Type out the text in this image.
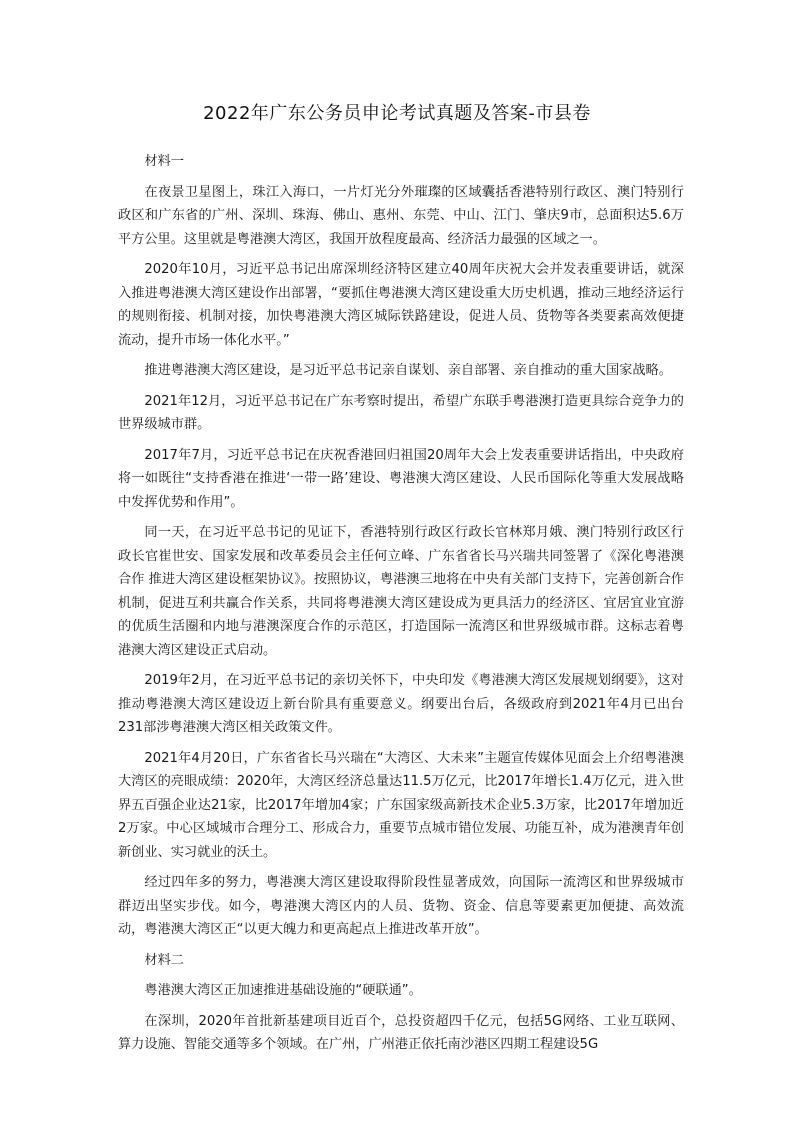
2022年广东公务员申论考试真题及答案-市县卷

材料一

在夜景卫星图上，珠江入海口，一片灯光分外璀璨的区域囊括香港特别行政区、澳门特别行政区和广东省的广州、深圳、珠海、佛山、惠州、东莞、中山、江门、肇庆9市，总面积达5.6万平方公里。这里就是粤港澳大湾区，我国开放程度最高、经济活力最强的区域之一。

2020年10月，习近平总书记出席深圳经济特区建立40周年庆祝大会并发表重要讲话，就深入推进粤港澳大湾区建设作出部署，“要抓住粤港澳大湾区建设重大历史机遇，推动三地经济运行的规则衔接、机制对接，加快粤港澳大湾区城际铁路建设，促进人员、货物等各类要素高效便捷流动，提升市场一体化水平。”

推进粤港澳大湾区建设，是习近平总书记亲自谋划、亲自部署、亲自推动的重大国家战略。

2021年12月，习近平总书记在广东考察时提出，希望广东联手粤港澳打造更具综合竞争力的世界级城市群。

2017年7月，习近平总书记在庆祝香港回归祖国20周年大会上发表重要讲话指出，中央政府将一如既往“支持香港在推进‘一带一路’建设、粤港澳大湾区建设、人民币国际化等重大发展战略中发挥优势和作用”。

同一天，在习近平总书记的见证下，香港特别行政区行政长官林郑月娥、澳门特别行政区行政长官崔世安、国家发展和改革委员会主任何立峰、广东省省长马兴瑞共同签署了《深化粤港澳合作 推进大湾区建设框架协议》。按照协议，粤港澳三地将在中央有关部门支持下，完善创新合作机制，促进互利共赢合作关系，共同将粤港澳大湾区建设成为更具活力的经济区、宜居宜业宜游的优质生活圈和内地与港澳深度合作的示范区，打造国际一流湾区和世界级城市群。这标志着粤港澳大湾区建设正式启动。

2019年2月，在习近平总书记的亲切关怀下，中央印发《粤港澳大湾区发展规划纲要》，这对推动粤港澳大湾区建设迈上新台阶具有重要意义。纲要出台后，各级政府到2021年4月已出台231部涉粤港澳大湾区相关政策文件。

2021年4月20日，广东省省长马兴瑞在“大湾区、大未来”主题宣传媒体见面会上介绍粤港澳大湾区的亮眼成绩：2020年，大湾区经济总量达11.5万亿元，比2017年增长1.4万亿元，进入世界五百强企业达21家，比2017年增加4家；广东国家级高新技术企业5.3万家，比2017年增加近2万家。中心区域城市合理分工、形成合力，重要节点城市错位发展、功能互补，成为港澳青年创新创业、实习就业的沃土。

经过四年多的努力，粤港澳大湾区建设取得阶段性显著成效，向国际一流湾区和世界级城市群迈出坚实步伐。如今，粤港澳大湾区内的人员、货物、资金、信息等要素更加便捷、高效流动，粤港澳大湾区正“以更大魄力和更高起点上推进改革开放”。

材料二

粤港澳大湾区正加速推进基础设施的“硬联通”。

在深圳，2020年首批新基建项目近百个，总投资超四千亿元，包括5G网络、工业互联网、算力设施、智能交通等多个领域。在广州，广州港正依托南沙港区四期工程建设5G
